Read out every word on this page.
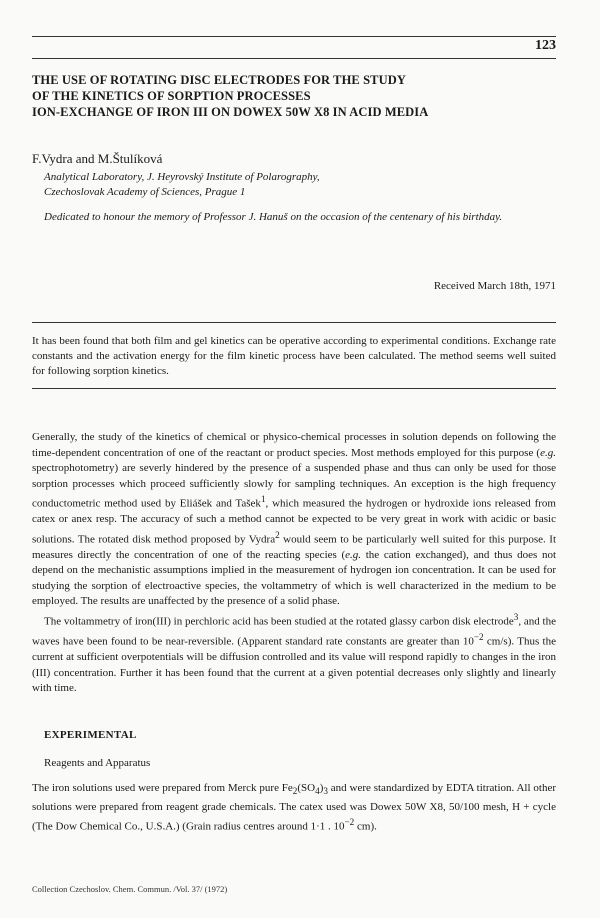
123
THE USE OF ROTATING DISC ELECTRODES FOR THE STUDY
OF THE KINETICS OF SORPTION PROCESSES
ION-EXCHANGE OF IRON III ON DOWEX 50W X8 IN ACID MEDIA
F.Vydra and M.Štulíková
Analytical Laboratory, J. Heyrovský Institute of Polarography,
Czechoslovak Academy of Sciences, Prague 1
Dedicated to honour the memory of Professor J. Hanuš on the occasion of the centenary of his birthday.
Received March 18th, 1971
It has been found that both film and gel kinetics can be operative according to experimental conditions. Exchange rate constants and the activation energy for the film kinetic process have been calculated. The method seems well suited for following sorption kinetics.

Generally, the study of the kinetics of chemical or physico-chemical processes in solution depends on following the time-dependent concentration of one of the reactant or product species. Most methods employed for this purpose (e.g. spectrophotometry) are severly hindered by the presence of a suspended phase and thus can only be used for those sorption processes which proceed sufficiently slowly for sampling techniques. An exception is the high frequency conductometric method used by Eliášek and Tašek$^1$, which measured the hydrogen or hydroxide ions released from catex or anex resp. The accuracy of such a method cannot be expected to be very great in work with acidic or basic solutions. The rotated disk method proposed by Vydra$^2$ would seem to be particularly well suited for this purpose. It measures directly the concentration of one of the reacting species (e.g. the cation exchanged), and thus does not depend on the mechanistic assumptions implied in the measurement of hydrogen ion concentration. It can be used for studying the sorption of electroactive species, the voltammetry of which is well characterized in the medium to be employed. The results are unaffected by the presence of a solid phase.

The voltammetry of iron(III) in perchloric acid has been studied at the rotated glassy carbon disk electrode$^3$, and the waves have been found to be near-reversible. (Apparent standard rate constants are greater than $10^{-2}$ cm/s). Thus the current at sufficient overpotentials will be diffusion controlled and its value will respond rapidly to changes in the iron (III) concentration. Further it has been found that the current at a given potential decreases only slightly and linearly with time.

EXPERIMENTAL
Reagents and Apparatus

The iron solutions used were prepared from Merck pure $Fe_2(SO_4)_3$ and were standardized by EDTA titration. All other solutions were prepared from reagent grade chemicals. The catex used was Dowex 50W X8, 50/100 mesh, H + cycle (The Dow Chemical Co., U.S.A.) (Grain radius centres around 1·1 . $10^{-2}$ cm).

Collection Czechoslov. Chem. Commun. /Vol. 37/ (1972)
